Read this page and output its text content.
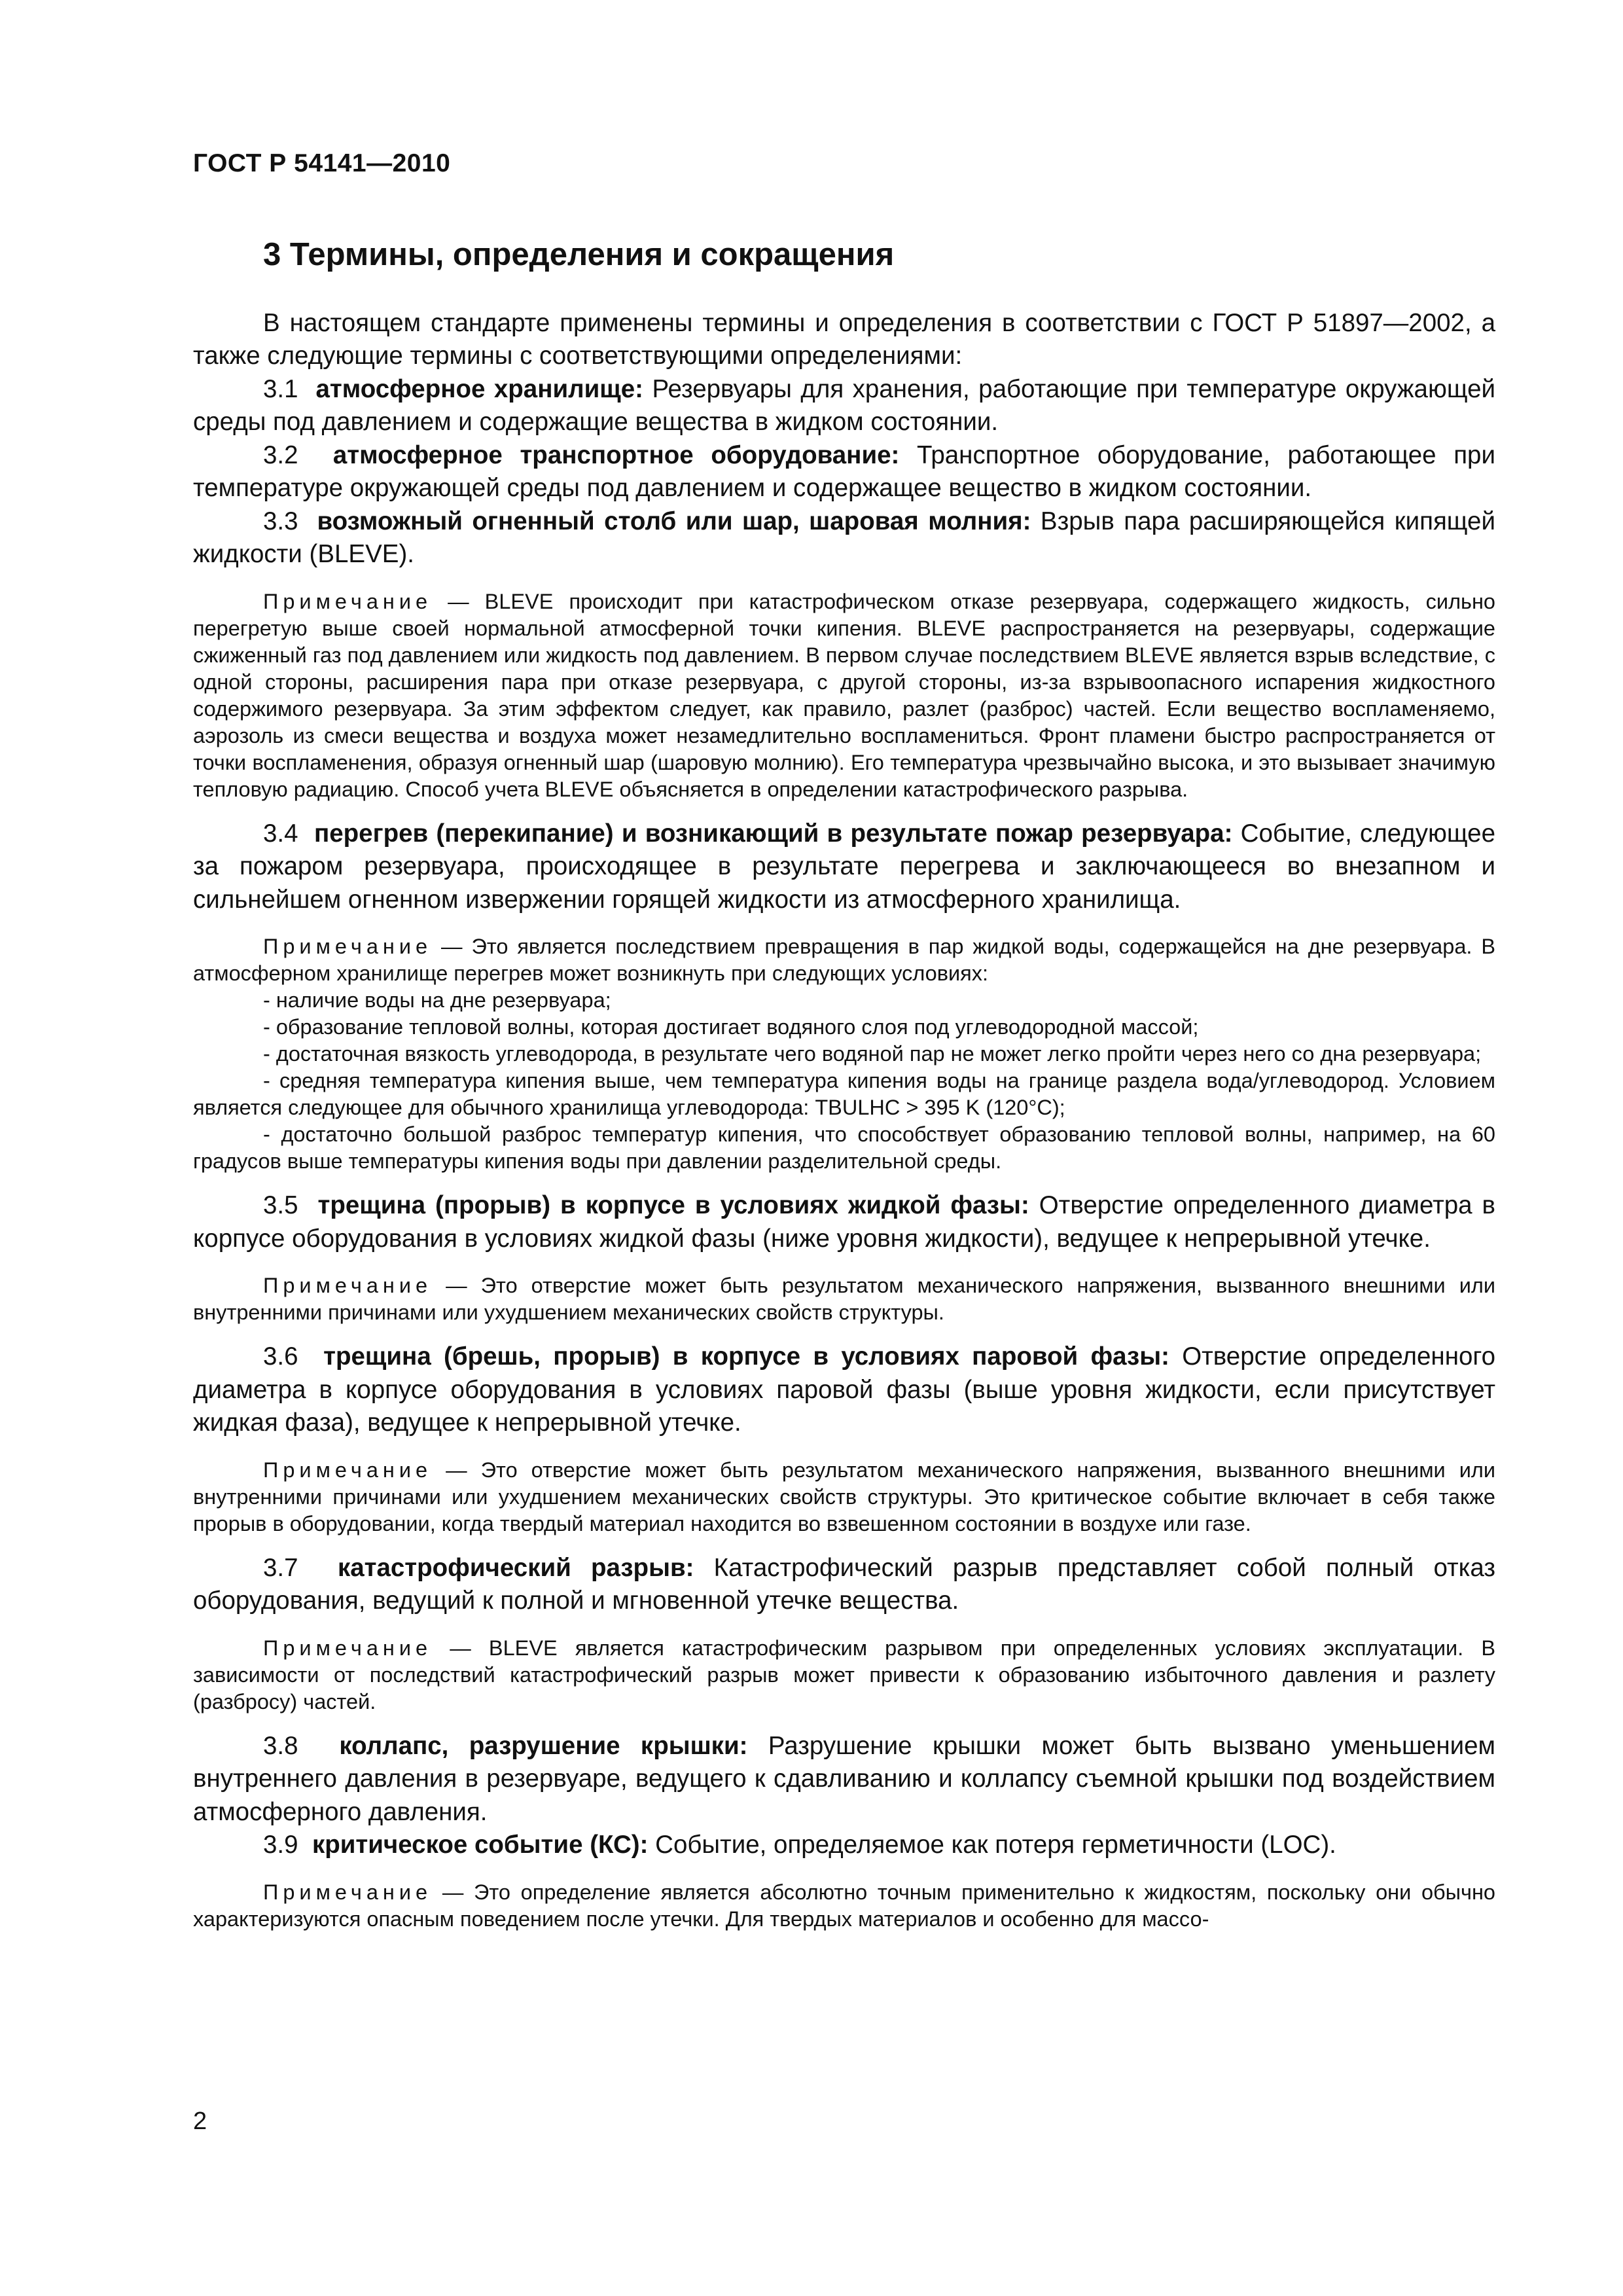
ГОСТ Р 54141—2010
3 Термины, определения и сокращения

В настоящем стандарте применены термины и определения в соответствии с ГОСТ Р 51897—2002, а также следующие термины с соответствующими определениями:

3.1 атмосферное хранилище: Резервуары для хранения, работающие при температуре окружающей среды под давлением и содержащие вещества в жидком состоянии.

3.2 атмосферное транспортное оборудование: Транспортное оборудование, работающее при температуре окружающей среды под давлением и содержащее вещество в жидком состоянии.

3.3 возможный огненный столб или шар, шаровая молния: Взрыв пара расширяющейся кипящей жидкости (BLEVE).

Примечание — BLEVE происходит при катастрофическом отказе резервуара, содержащего жидкость, сильно перегретую выше своей нормальной атмосферной точки кипения. BLEVE распространяется на резервуары, содержащие сжиженный газ под давлением или жидкость под давлением. В первом случае последствием BLEVE является взрыв вследствие, с одной стороны, расширения пара при отказе резервуара, с другой стороны, из-за взрывоопасного испарения жидкостного содержимого резервуара. За этим эффектом следует, как правило, разлет (разброс) частей. Если вещество воспламеняемо, аэрозоль из смеси вещества и воздуха может незамедлительно воспламениться. Фронт пламени быстро распространяется от точки воспламенения, образуя огненный шар (шаровую молнию). Его температура чрезвычайно высока, и это вызывает значимую тепловую радиацию. Способ учета BLEVE объясняется в определении катастрофического разрыва.

3.4 перегрев (перекипание) и возникающий в результате пожар резервуара: Событие, следующее за пожаром резервуара, происходящее в результате перегрева и заключающееся во внезапном и сильнейшем огненном извержении горящей жидкости из атмосферного хранилища.

Примечание — Это является последствием превращения в пар жидкой воды, содержащейся на дне резервуара. В атмосферном хранилище перегрев может возникнуть при следующих условиях:

- наличие воды на дне резервуара;

- образование тепловой волны, которая достигает водяного слоя под углеводородной массой;

- достаточная вязкость углеводорода, в результате чего водяной пар не может легко пройти через него со дна резервуара;

- средняя температура кипения выше, чем температура кипения воды на границе раздела вода/углеводород. Условием является следующее для обычного хранилища углеводорода: TBULHC > 395 K (120°C);

- достаточно большой разброс температур кипения, что способствует образованию тепловой волны, например, на 60 градусов выше температуры кипения воды при давлении разделительной среды.

3.5 трещина (прорыв) в корпусе в условиях жидкой фазы: Отверстие определенного диаметра в корпусе оборудования в условиях жидкой фазы (ниже уровня жидкости), ведущее к непрерывной утечке.

Примечание — Это отверстие может быть результатом механического напряжения, вызванного внешними или внутренними причинами или ухудшением механических свойств структуры.

3.6 трещина (брешь, прорыв) в корпусе в условиях паровой фазы: Отверстие определенного диаметра в корпусе оборудования в условиях паровой фазы (выше уровня жидкости, если присутствует жидкая фаза), ведущее к непрерывной утечке.

Примечание — Это отверстие может быть результатом механического напряжения, вызванного внешними или внутренними причинами или ухудшением механических свойств структуры. Это критическое событие включает в себя также прорыв в оборудовании, когда твердый материал находится во взвешенном состоянии в воздухе или газе.

3.7 катастрофический разрыв: Катастрофический разрыв представляет собой полный отказ оборудования, ведущий к полной и мгновенной утечке вещества.

Примечание — BLEVE является катастрофическим разрывом при определенных условиях эксплуатации. В зависимости от последствий катастрофический разрыв может привести к образованию избыточного давления и разлету (разбросу) частей.

3.8 коллапс, разрушение крышки: Разрушение крышки может быть вызвано уменьшением внутреннего давления в резервуаре, ведущего к сдавливанию и коллапсу съемной крышки под воздействием атмосферного давления.

3.9 критическое событие (КС): Событие, определяемое как потеря герметичности (LOC).

Примечание — Это определение является абсолютно точным применительно к жидкостям, поскольку они обычно характеризуются опасным поведением после утечки. Для твердых материалов и особенно для массо-

2
